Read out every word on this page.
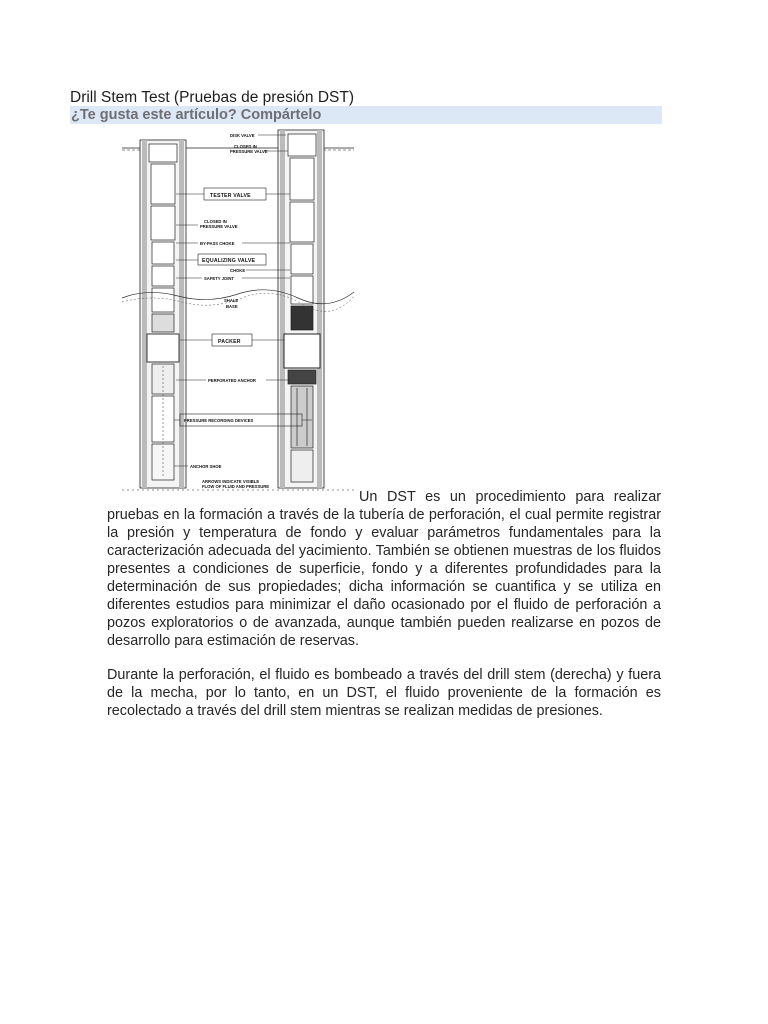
Drill Stem Test (Pruebas de presión DST)
¿Te gusta este artículo? Compártelo
DISK VALVE
CLOSED IN
PRESSURE VALVE
TESTER VALVE
CLOSED IN
PRESSURE VALVE
BY-PASS CHOKE
EQUALIZING VALVE
CHOKE
SAFETY JOINT
SHALE
BASE
PACKER
PERFORATED ANCHOR
PRESSURE RECORDING DEVICES
ANCHOR SHOE
ARROWS INDICATE VISIBLE
FLOW OF FLUID AND PRESSURE

Un DST es un procedimiento para realizar pruebas en la formación a través de la tubería de perforación, el cual permite registrar la presión y temperatura de fondo y evaluar parámetros fundamentales para la caracterización adecuada del yacimiento. También se obtienen muestras de los fluidos presentes a condiciones de superficie, fondo y a diferentes profundidades para la determinación de sus propiedades; dicha información se cuantifica y se utiliza en diferentes estudios para minimizar el daño ocasionado por el fluido de perforación a pozos exploratorios o de avanzada, aunque también pueden realizarse en pozos de desarrollo para estimación de reservas.

Durante la perforación, el fluido es bombeado a través del drill stem (derecha) y fuera de la mecha, por lo tanto, en un DST, el fluido proveniente de la formación es recolectado a través del drill stem mientras se realizan medidas de presiones.
